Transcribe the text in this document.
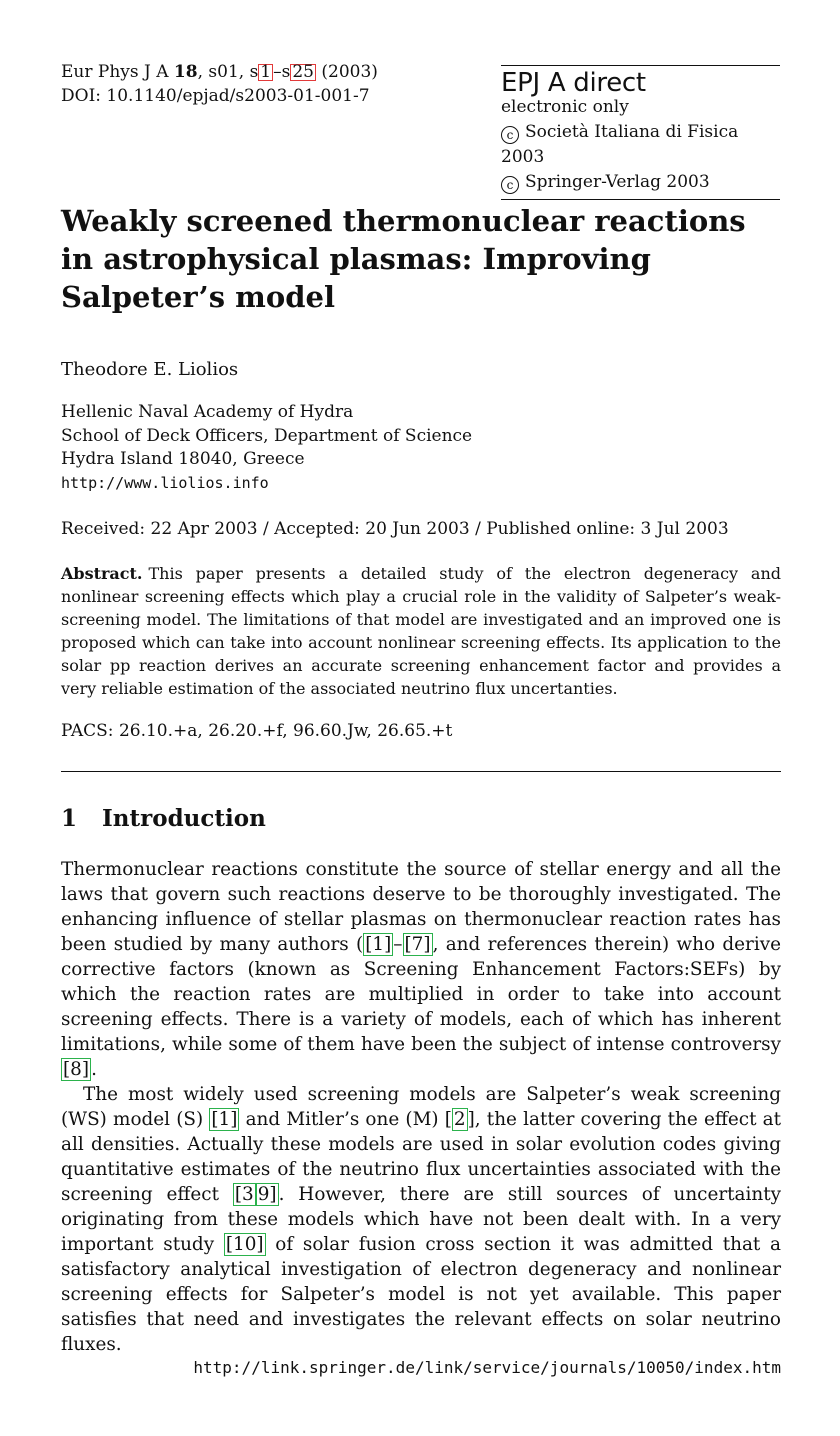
Eur Phys J A 18, s01, s 1 –s 25 (2003)
DOI: 10.1140/epjad/s2003-01-001-7	EPJ A direct
electronic only
c Società Italiana di Fisica 2003
c Springer-Verlag 2003
Weakly screened thermonuclear reactions in astrophysical plasmas: Improving Salpeter’s model
Theodore E. Liolios
Hellenic Naval Academy of Hydra
School of Deck Officers, Department of Science
Hydra Island 18040, Greece
http://www.liolios.info
Received: 22 Apr 2003 / Accepted: 20 Jun 2003 / Published online: 3 Jul 2003
Abstract. This paper presents a detailed study of the electron degeneracy and nonlinear screening effects which play a crucial role in the validity of Salpeter’s weak-screening model. The limitations of that model are investigated and an improved one is proposed which can take into account nonlinear screening effects. Its application to the solar pp reaction derives an accurate screening enhancement factor and provides a very reliable estimation of the associated neutrino flux uncertanties.
PACS: 26.10.+a, 26.20.+f, 96.60.Jw, 26.65.+t
1 Introduction

Thermonuclear reactions constitute the source of stellar energy and all the laws that govern such reactions deserve to be thoroughly investigated. The enhancing influence of stellar plasmas on thermonuclear reaction rates has been studied by many authors ( [1] – [7] , and references therein) who derive corrective factors (known as Screening Enhancement Factors:SEFs) by which the reaction rates are multiplied in order to take into account screening effects. There is a variety of models, each of which has inherent limitations, while some of them have been the subject of intense controversy [8] .

The most widely used screening models are Salpeter’s weak screening (WS) model (S) [1] and Mitler’s one (M) [ 2 ], the latter covering the effect at all densities. Actually these models are used in solar evolution codes giving quantitative estimates of the neutrino flux uncertainties associated with the screening effect [3 9] . However, there are still sources of uncertainty originating from these models which have not been dealt with. In a very important study [10] of solar fusion cross section it was admitted that a satisfactory analytical investigation of electron degeneracy and nonlinear screening effects for Salpeter’s model is not yet available. This paper satisfies that need and investigates the relevant effects on solar neutrino fluxes.

http://link.springer.de/link/service/journals/10050/index.htm
